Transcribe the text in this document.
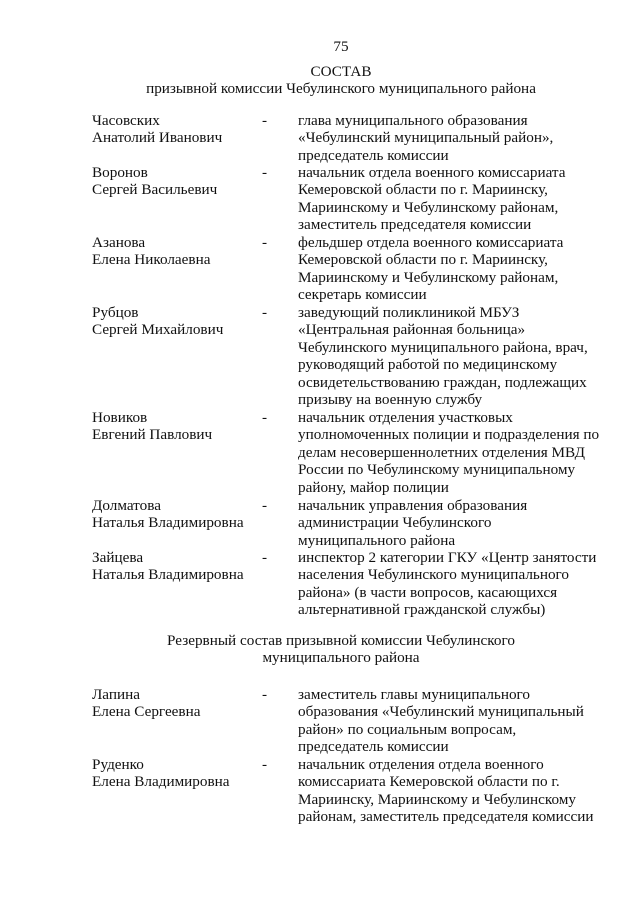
75
СОСТАВ
призывной комиссии Чебулинского муниципального района
Часовских
Анатолий Иванович
-	глава муниципального образования «Чебулинский муниципальный район», председатель комиссии
Воронов
Сергей Васильевич
-	начальник отдела военного комиссариата Кемеровской области по г. Мариинску, Мариинскому и Чебулинскому районам, заместитель председателя комиссии
Азанова
Елена Николаевна
-	фельдшер отдела военного комиссариата Кемеровской области по г. Мариинску, Мариинскому и Чебулинскому районам, секретарь комиссии
Рубцов
Сергей Михайлович
-	заведующий поликлиникой МБУЗ «Центральная районная больница» Чебулинского муниципального района, врач, руководящий работой по медицинскому освидетельствованию граждан, подлежащих призыву на военную службу
Новиков
Евгений Павлович
-	начальник отделения участковых уполномоченных полиции и подразделения по делам несовершеннолетних отделения МВД России по Чебулинскому муниципальному району, майор полиции
Долматова
Наталья Владимировна
-	начальник управления образования администрации Чебулинского муниципального района
Зайцева
Наталья Владимировна
-	инспектор 2 категории ГКУ «Центр занятости населения Чебулинского муниципального района» (в части вопросов, касающихся альтернативной гражданской службы)
Резервный состав призывной комиссии Чебулинского
муниципального района
Лапина
Елена Сергеевна
-	заместитель главы муниципального образования «Чебулинский муниципальный район» по социальным вопросам, председатель комиссии
Руденко
Елена Владимировна
-	начальник отделения отдела военного комиссариата Кемеровской области по г. Мариинску, Мариинскому и Чебулинскому районам, заместитель председателя комиссии
